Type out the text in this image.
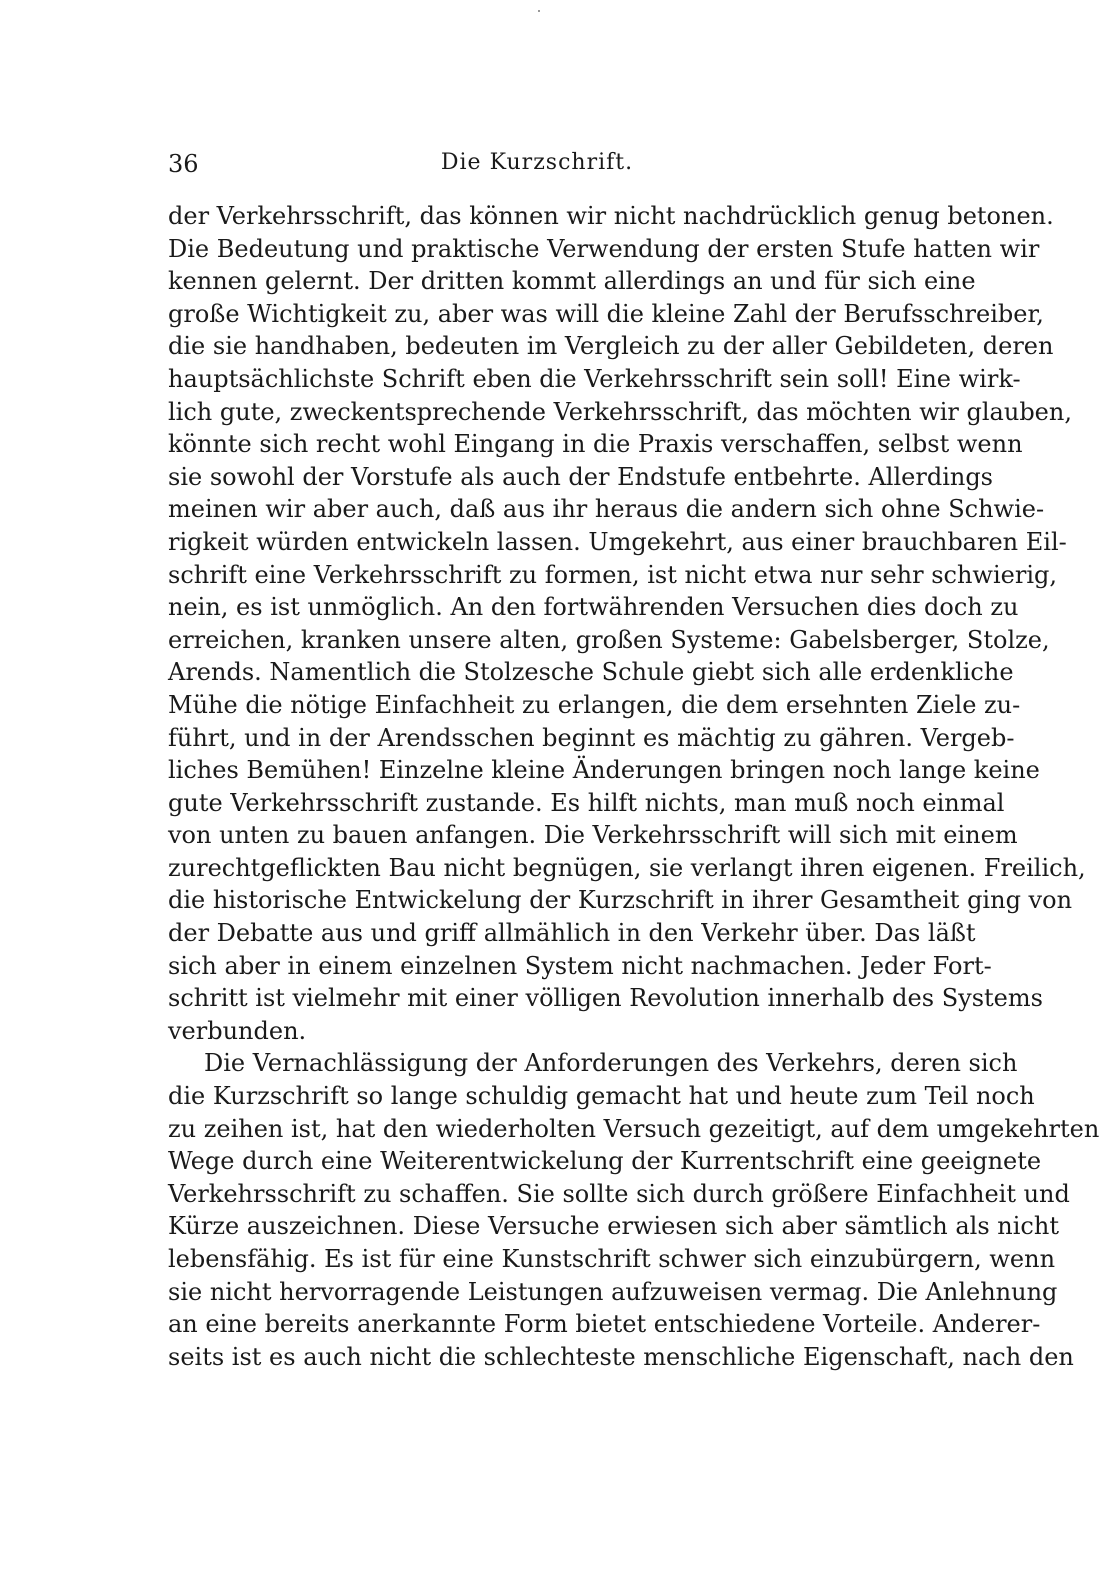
36	Die Kurzschrift.
der Verkehrsschrift, das können wir nicht nachdrücklich genug betonen.
Die Bedeutung und praktische Verwendung der ersten Stufe hatten wir
kennen gelernt. Der dritten kommt allerdings an und für sich eine
große Wichtigkeit zu, aber was will die kleine Zahl der Berufsschreiber,
die sie handhaben, bedeuten im Vergleich zu der aller Gebildeten, deren
hauptsächlichste Schrift eben die Verkehrsschrift sein soll! Eine wirk-
lich gute, zweckentsprechende Verkehrsschrift, das möchten wir glauben,
könnte sich recht wohl Eingang in die Praxis verschaffen, selbst wenn
sie sowohl der Vorstufe als auch der Endstufe entbehrte. Allerdings
meinen wir aber auch, daß aus ihr heraus die andern sich ohne Schwie-
rigkeit würden entwickeln lassen. Umgekehrt, aus einer brauchbaren Eil-
schrift eine Verkehrsschrift zu formen, ist nicht etwa nur sehr schwierig,
nein, es ist unmöglich. An den fortwährenden Versuchen dies doch zu
erreichen, kranken unsere alten, großen Systeme: Gabelsberger, Stolze,
Arends. Namentlich die Stolzesche Schule giebt sich alle erdenkliche
Mühe die nötige Einfachheit zu erlangen, die dem ersehnten Ziele zu-
führt, und in der Arendsschen beginnt es mächtig zu gähren. Vergeb-
liches Bemühen! Einzelne kleine Änderungen bringen noch lange keine
gute Verkehrsschrift zustande. Es hilft nichts, man muß noch einmal
von unten zu bauen anfangen. Die Verkehrsschrift will sich mit einem
zurechtgeflickten Bau nicht begnügen, sie verlangt ihren eigenen. Freilich,
die historische Entwickelung der Kurzschrift in ihrer Gesamtheit ging von
der Debatte aus und griff allmählich in den Verkehr über. Das läßt
sich aber in einem einzelnen System nicht nachmachen. Jeder Fort-
schritt ist vielmehr mit einer völligen Revolution innerhalb des Systems
verbunden.
Die Vernachlässigung der Anforderungen des Verkehrs, deren sich
die Kurzschrift so lange schuldig gemacht hat und heute zum Teil noch
zu zeihen ist, hat den wiederholten Versuch gezeitigt, auf dem umgekehrten
Wege durch eine Weiterentwickelung der Kurrentschrift eine geeignete
Verkehrsschrift zu schaffen. Sie sollte sich durch größere Einfachheit und
Kürze auszeichnen. Diese Versuche erwiesen sich aber sämtlich als nicht
lebensfähig. Es ist für eine Kunstschrift schwer sich einzubürgern, wenn
sie nicht hervorragende Leistungen aufzuweisen vermag. Die Anlehnung
an eine bereits anerkannte Form bietet entschiedene Vorteile. Anderer-
seits ist es auch nicht die schlechteste menschliche Eigenschaft, nach den
